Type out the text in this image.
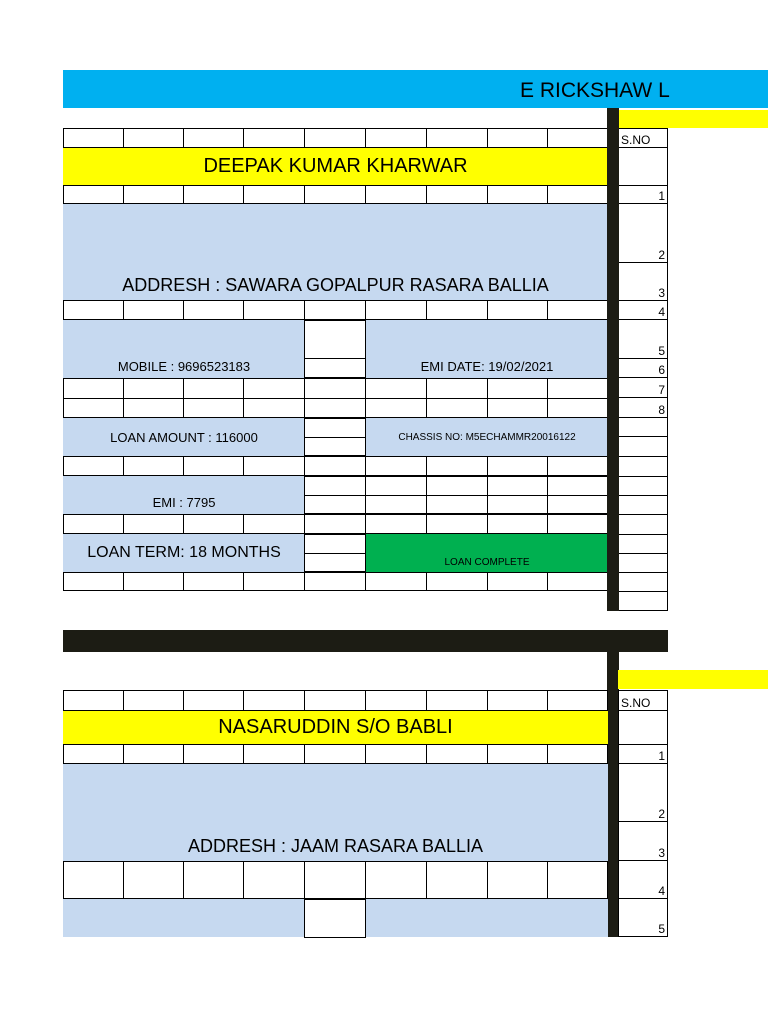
E RICKSHAW L
DEEPAK KUMAR KHARWAR
ADDRESH : SAWARA GOPALPUR RASARA BALLIA
MOBILE : 9696523183	EMI DATE: 19/02/2021
LOAN AMOUNT : 116000	CHASSIS NO: M5ECHAMMR20016122
EMI : 7795
LOAN TERM: 18 MONTHS
LOAN COMPLETE
S.NO
1
2
3
4
5
6
7
8
NASARUDDIN S/O BABLI
ADDRESH : JAAM RASARA BALLIA
S.NO
1
2
3
4
5
